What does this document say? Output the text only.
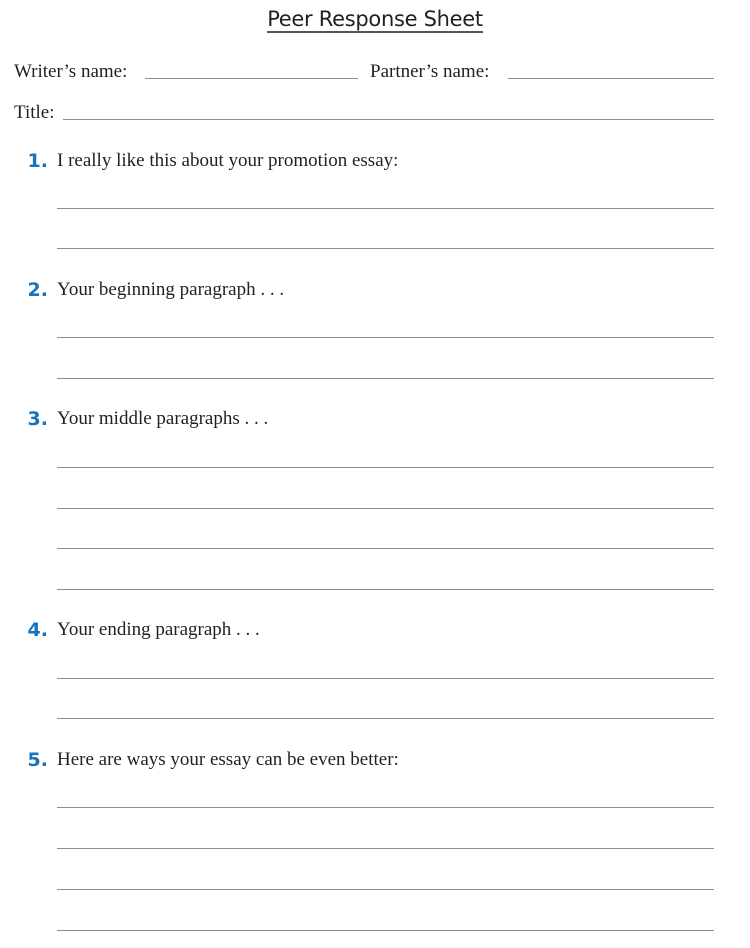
Peer Response Sheet
Writer’s name:	Partner’s name:
Title:
1. I really like this about your promotion essay:
2. Your beginning paragraph . . .
3. Your middle paragraphs . . .
4. Your ending paragraph . . .
5. Here are ways your essay can be even better:
